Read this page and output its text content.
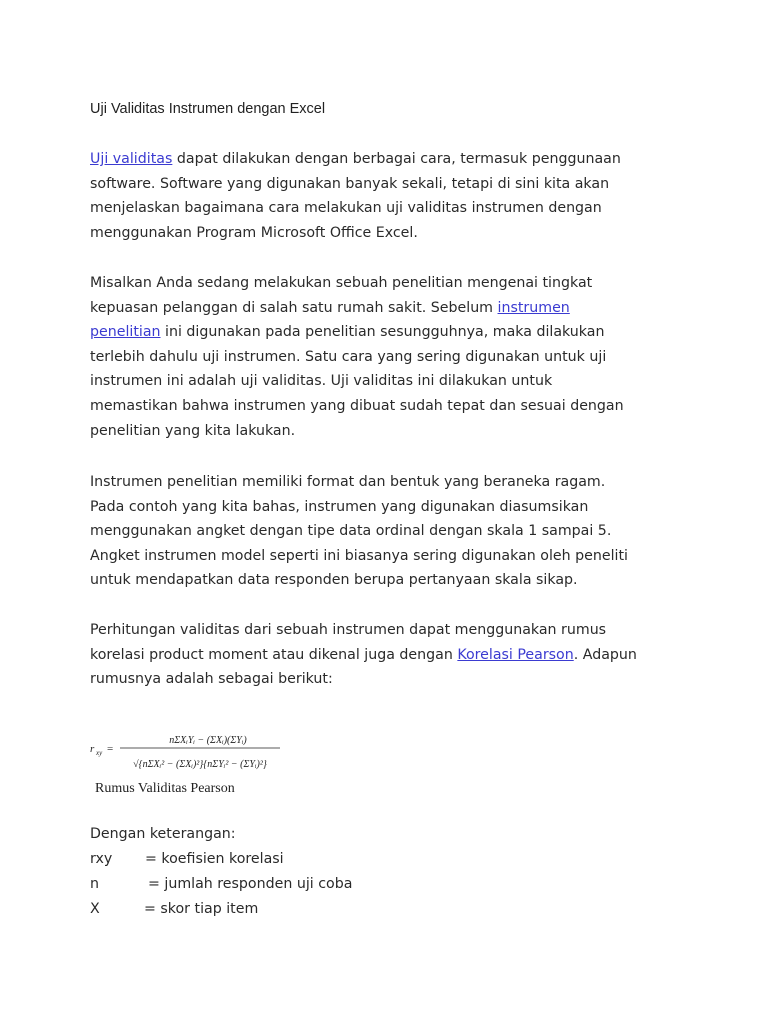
Uji Validitas Instrumen dengan Excel
Uji validitas dapat dilakukan dengan berbagai cara, termasuk penggunaan
software. Software yang digunakan banyak sekali, tetapi di sini kita akan
menjelaskan bagaimana cara melakukan uji validitas instrumen dengan
menggunakan Program Microsoft Office Excel.
Misalkan Anda sedang melakukan sebuah penelitian mengenai tingkat
kepuasan pelanggan di salah satu rumah sakit. Sebelum instrumen
penelitian ini digunakan pada penelitian sesungguhnya, maka dilakukan
terlebih dahulu uji instrumen. Satu cara yang sering digunakan untuk uji
instrumen ini adalah uji validitas. Uji validitas ini dilakukan untuk
memastikan bahwa instrumen yang dibuat sudah tepat dan sesuai dengan
penelitian yang kita lakukan.
Instrumen penelitian memiliki format dan bentuk yang beraneka ragam.
Pada contoh yang kita bahas, instrumen yang digunakan diasumsikan
menggunakan angket dengan tipe data ordinal dengan skala 1 sampai 5.
Angket instrumen model seperti ini biasanya sering digunakan oleh peneliti
untuk mendapatkan data responden berupa pertanyaan skala sikap.
Perhitungan validitas dari sebuah instrumen dapat menggunakan rumus
korelasi product moment atau dikenal juga dengan Korelasi Pearson. Adapun
rumusnya adalah sebagai berikut:
r xy =
nΣXᵢYᵢ − (ΣXᵢ)(ΣYᵢ)
√{nΣXᵢ² − (ΣXᵢ)²}{nΣYᵢ² − (ΣYᵢ)²}
Rumus Validitas Pearson
Dengan keterangan:
rxy = koefisien korelasi
n	= jumlah responden uji coba
X	= skor tiap item
